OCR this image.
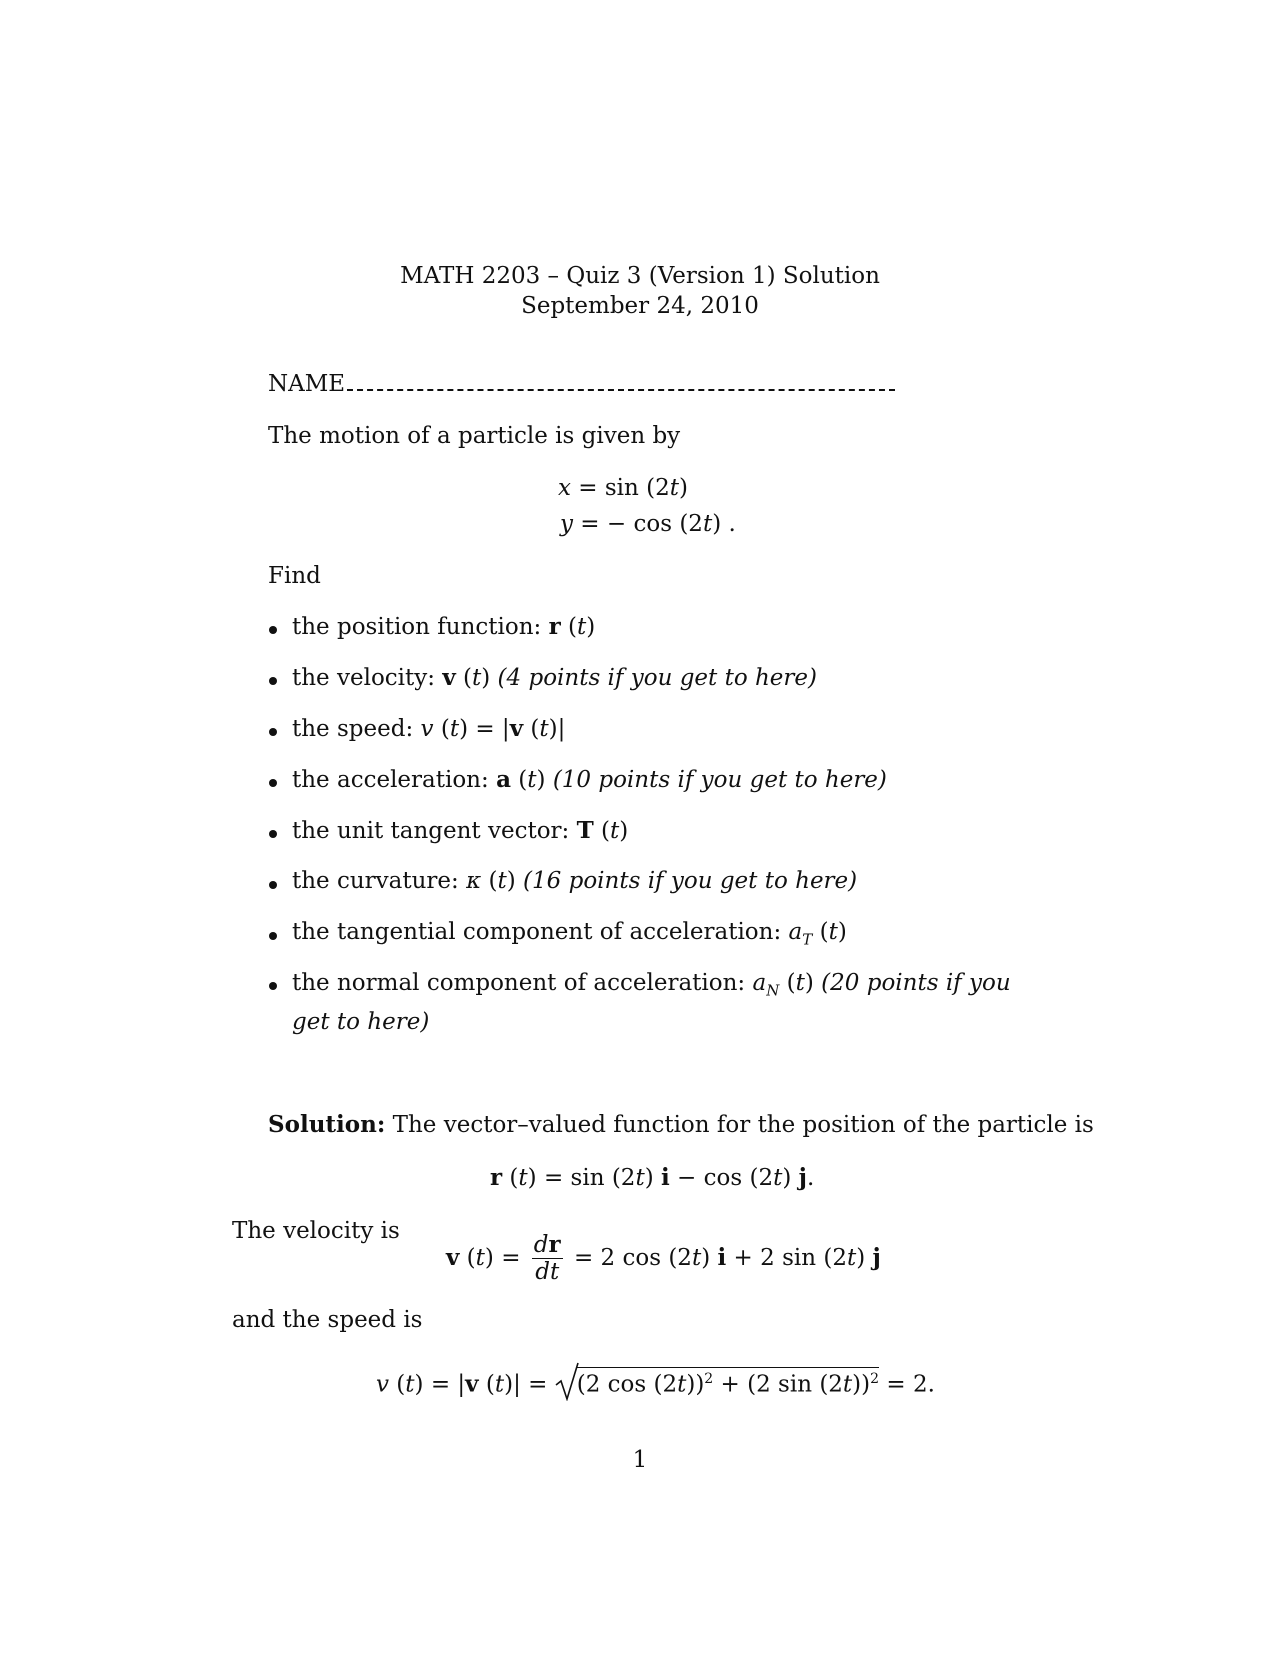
MATH 2203 – Quiz 3 (Version 1) Solution
September 24, 2010
NAME
The motion of a particle is given by
x = sin (2t)
y = − cos (2t) .
Find
the position function: r (t)
the velocity: v (t) (4 points if you get to here)
the speed: v (t) = |v (t)|
the acceleration: a (t) (10 points if you get to here)
the unit tangent vector: T (t)
the curvature: κ (t) (16 points if you get to here)
the tangential component of acceleration: $a_T$ (t)
the normal component of acceleration: $a_N$ (t) (20 points if you get to here)
Solution: The vector–valued function for the position of the particle is
r (t) = sin (2t) i − cos (2t) j.
The velocity is
v $(t) = \frac{dr}{dt} = 2$ cos (2t) i + 2 sin (2t) j
and the speed is
v (t) = |v (t)| =
(2 cos (2t))$^2$ + (2 sin (2t))$^2$ = 2.
1
